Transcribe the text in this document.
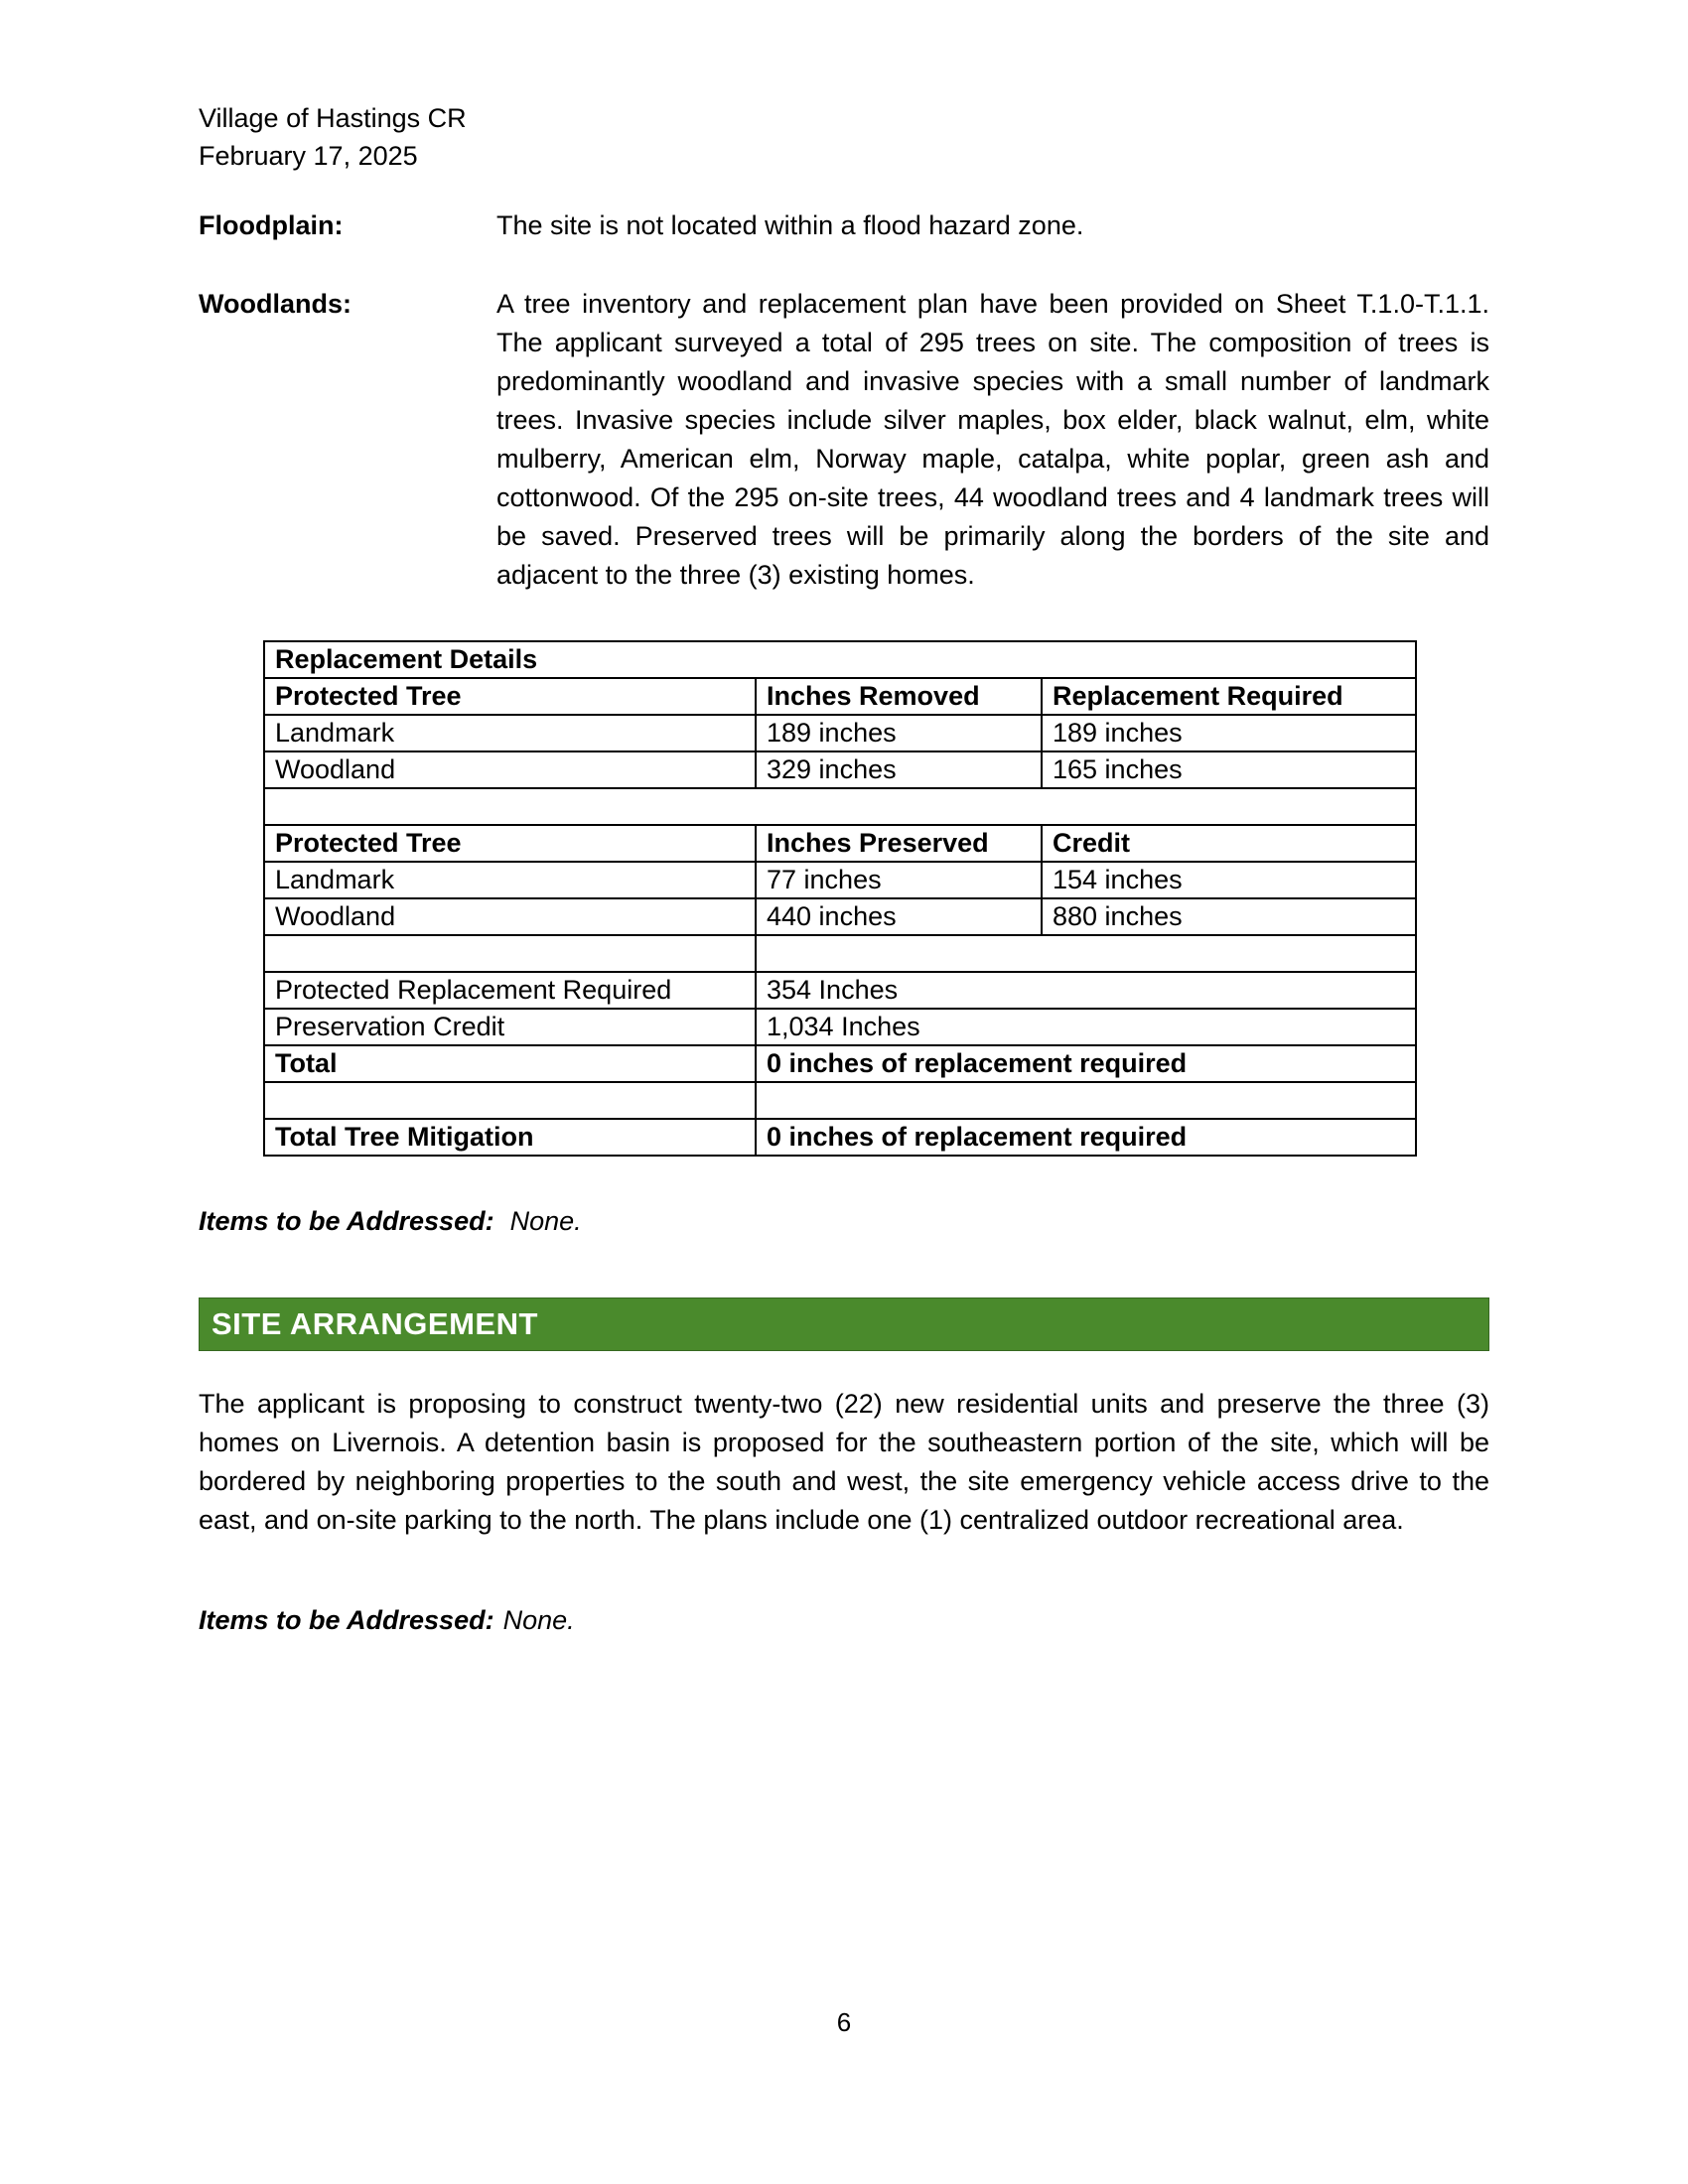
Village of Hastings CR
February 17, 2025
Floodplain:	The site is not located within a flood hazard zone.
Woodlands:	A tree inventory and replacement plan have been provided on Sheet T.1.0-T.1.1. The applicant surveyed a total of 295 trees on site. The composition of trees is predominantly woodland and invasive species with a small number of landmark trees. Invasive species include silver maples, box elder, black walnut, elm, white mulberry, American elm, Norway maple, catalpa, white poplar, green ash and cottonwood. Of the 295 on-site trees, 44 woodland trees and 4 landmark trees will be saved. Preserved trees will be primarily along the borders of the site and adjacent to the three (3) existing homes.
Replacement Details		
Protected Tree	Inches Removed	Replacement Required
Landmark	189 inches	189 inches
Woodland	329 inches	165 inches

Protected Tree	Inches Preserved	Credit
Landmark	77 inches	154 inches
Woodland	440 inches	880 inches

Protected Replacement Required	354 Inches	
Preservation Credit	1,034 Inches	
Total	0 inches of replacement required	

Total Tree Mitigation	0 inches of replacement required	
Items to be Addressed: None.
SITE ARRANGEMENT
The applicant is proposing to construct twenty-two (22) new residential units and preserve the three (3) homes on Livernois. A detention basin is proposed for the southeastern portion of the site, which will be bordered by neighboring properties to the south and west, the site emergency vehicle access drive to the east, and on-site parking to the north. The plans include one (1) centralized outdoor recreational area.
Items to be Addressed: None.
6
